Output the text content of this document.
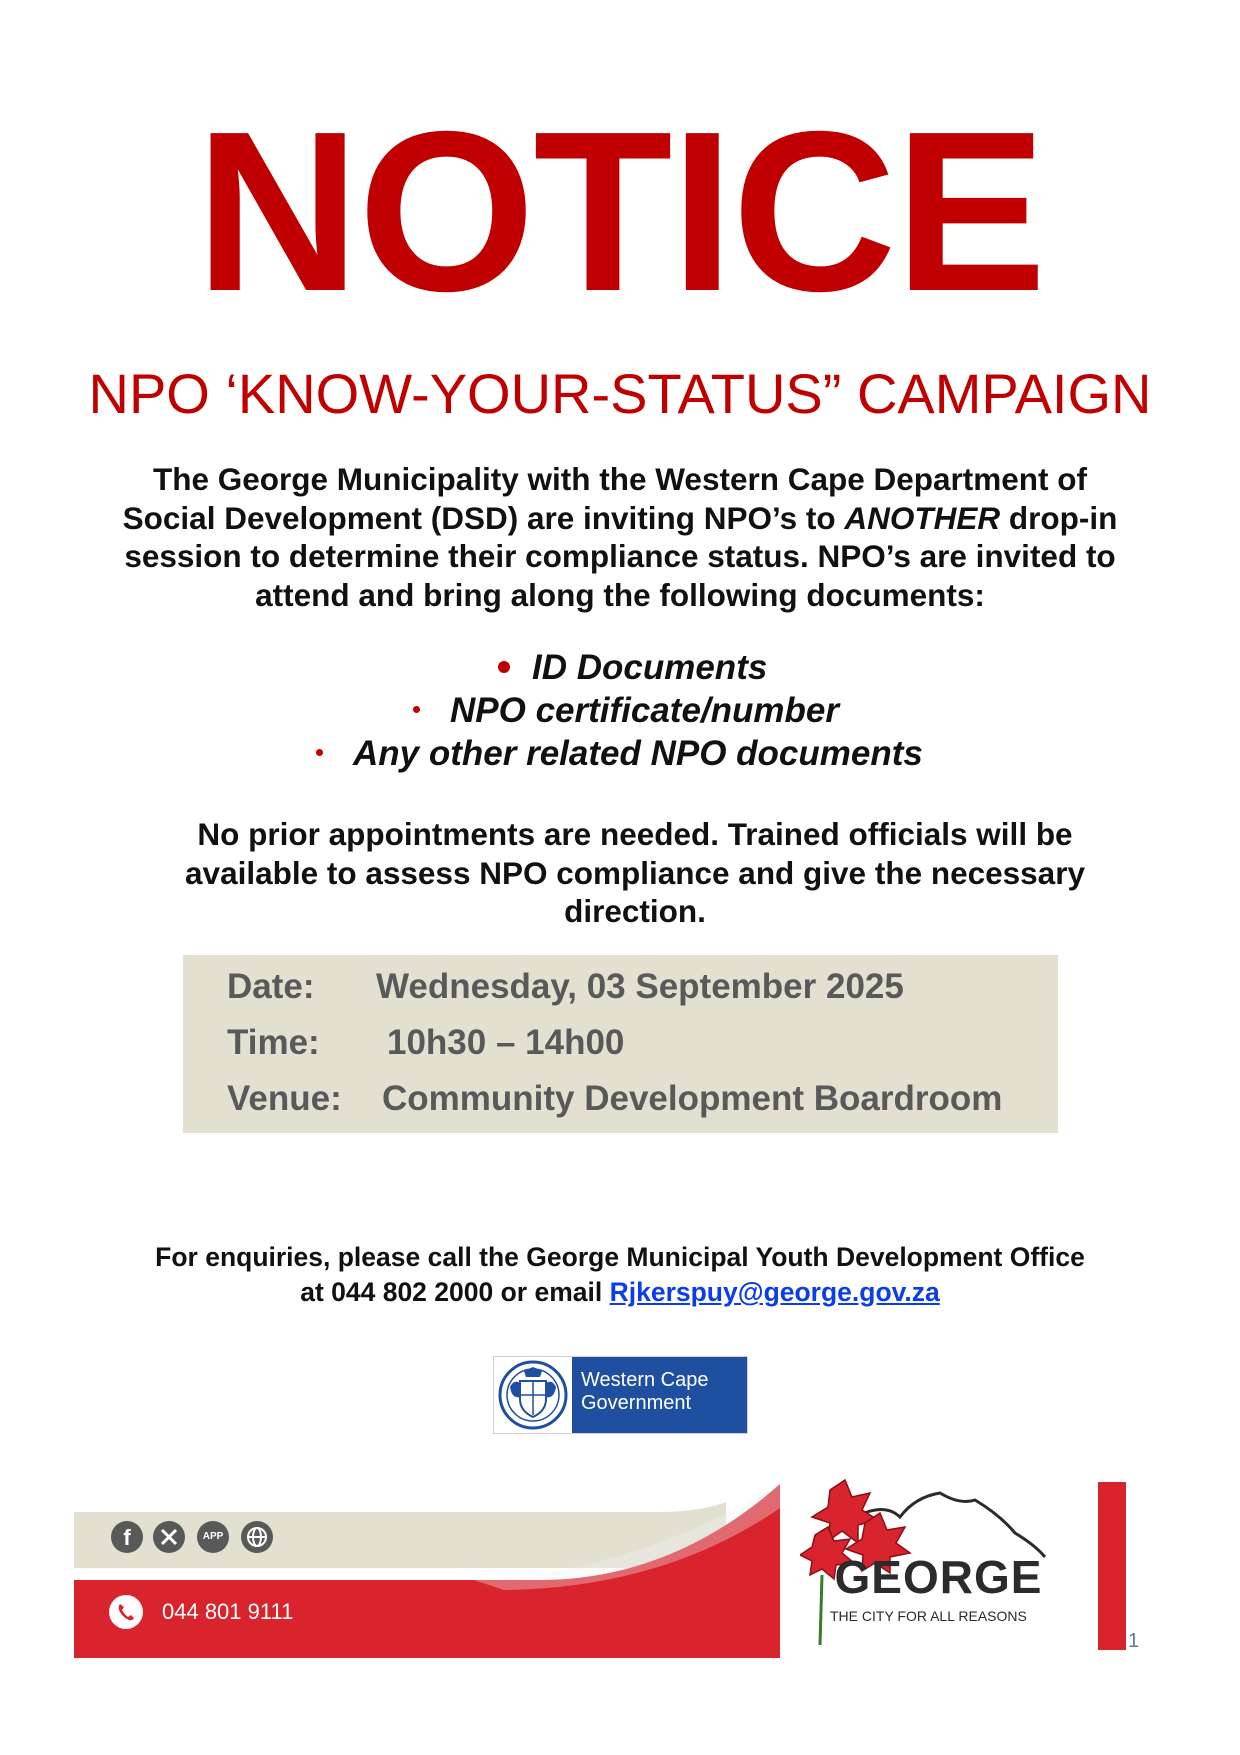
NOTICE
NPO ‘KNOW-YOUR-STATUS” CAMPAIGN
The George Municipality with the Western Cape Department of
Social Development (DSD) are inviting NPO’s to ANOTHER drop-in
session to determine their compliance status. NPO’s are invited to
attend and bring along the following documents:
ID Documents
NPO certificate/number
Any other related NPO documents
No prior appointments are needed. Trained officials will be
available to assess NPO compliance and give the necessary
direction.
Date: Wednesday, 03 September 2025
Time: 10h30 – 14h00
Venue: Community Development Boardroom
For enquiries, please call the George Municipal Youth Development Office
at 044 802 2000 or email Rjkerspuy@george.gov.za
Western Cape
Government
f	APP
044 801 9111
GEORGE
THE CITY FOR ALL REASONS
1
